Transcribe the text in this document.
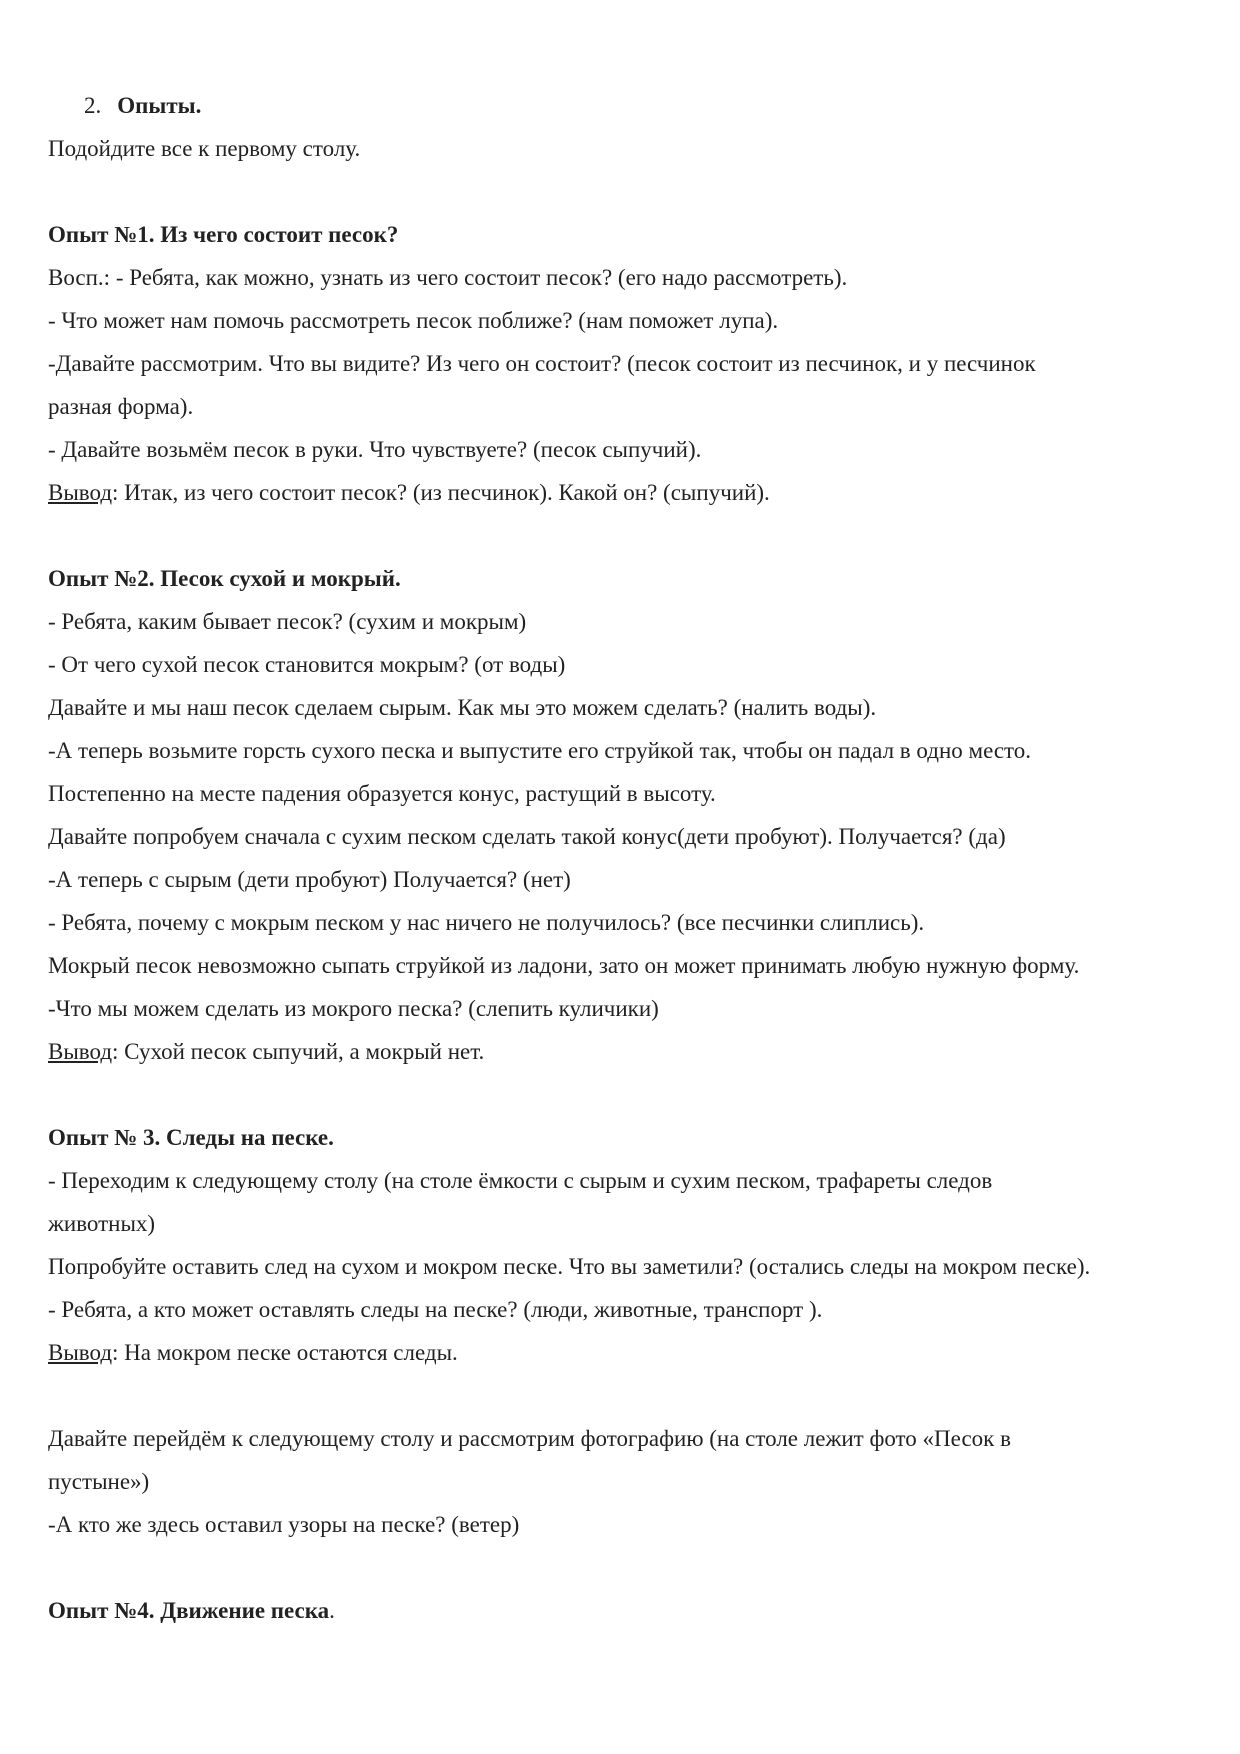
2. Опыты.
Подойдите все к первому столу.
Опыт №1. Из чего состоит песок?
Восп.: - Ребята, как можно, узнать из чего состоит песок? (его надо рассмотреть).
- Что может нам помочь рассмотреть песок поближе? (нам поможет лупа).
-Давайте рассмотрим. Что вы видите? Из чего он состоит? (песок состоит из песчинок, и у песчинок
разная форма).
- Давайте возьмём песок в руки. Что чувствуете? (песок сыпучий).
Вывод: Итак, из чего состоит песок? (из песчинок). Какой он? (сыпучий).
Опыт №2. Песок сухой и мокрый.
- Ребята, каким бывает песок? (сухим и мокрым)
- От чего сухой песок становится мокрым? (от воды)
Давайте и мы наш песок сделаем сырым. Как мы это можем сделать? (налить воды).
-А теперь возьмите горсть сухого песка и выпустите его струйкой так, чтобы он падал в одно место.
Постепенно на месте падения образуется конус, растущий в высоту.
Давайте попробуем сначала с сухим песком сделать такой конус(дети пробуют). Получается? (да)
-А теперь с сырым (дети пробуют) Получается? (нет)
- Ребята, почему с мокрым песком у нас ничего не получилось? (все песчинки слиплись).
Мокрый песок невозможно сыпать струйкой из ладони, зато он может принимать любую нужную форму.
-Что мы можем сделать из мокрого песка? (слепить куличики)
Вывод: Сухой песок сыпучий, а мокрый нет.
Опыт № 3. Следы на песке.
- Переходим к следующему столу (на столе ёмкости с сырым и сухим песком, трафареты следов
животных)
Попробуйте оставить след на сухом и мокром песке. Что вы заметили? (остались следы на мокром песке).
- Ребята, а кто может оставлять следы на песке? (люди, животные, транспорт ).
Вывод: На мокром песке остаются следы.
Давайте перейдём к следующему столу и рассмотрим фотографию (на столе лежит фото «Песок в
пустыне»)
-А кто же здесь оставил узоры на песке? (ветер)
Опыт №4. Движение песка.
